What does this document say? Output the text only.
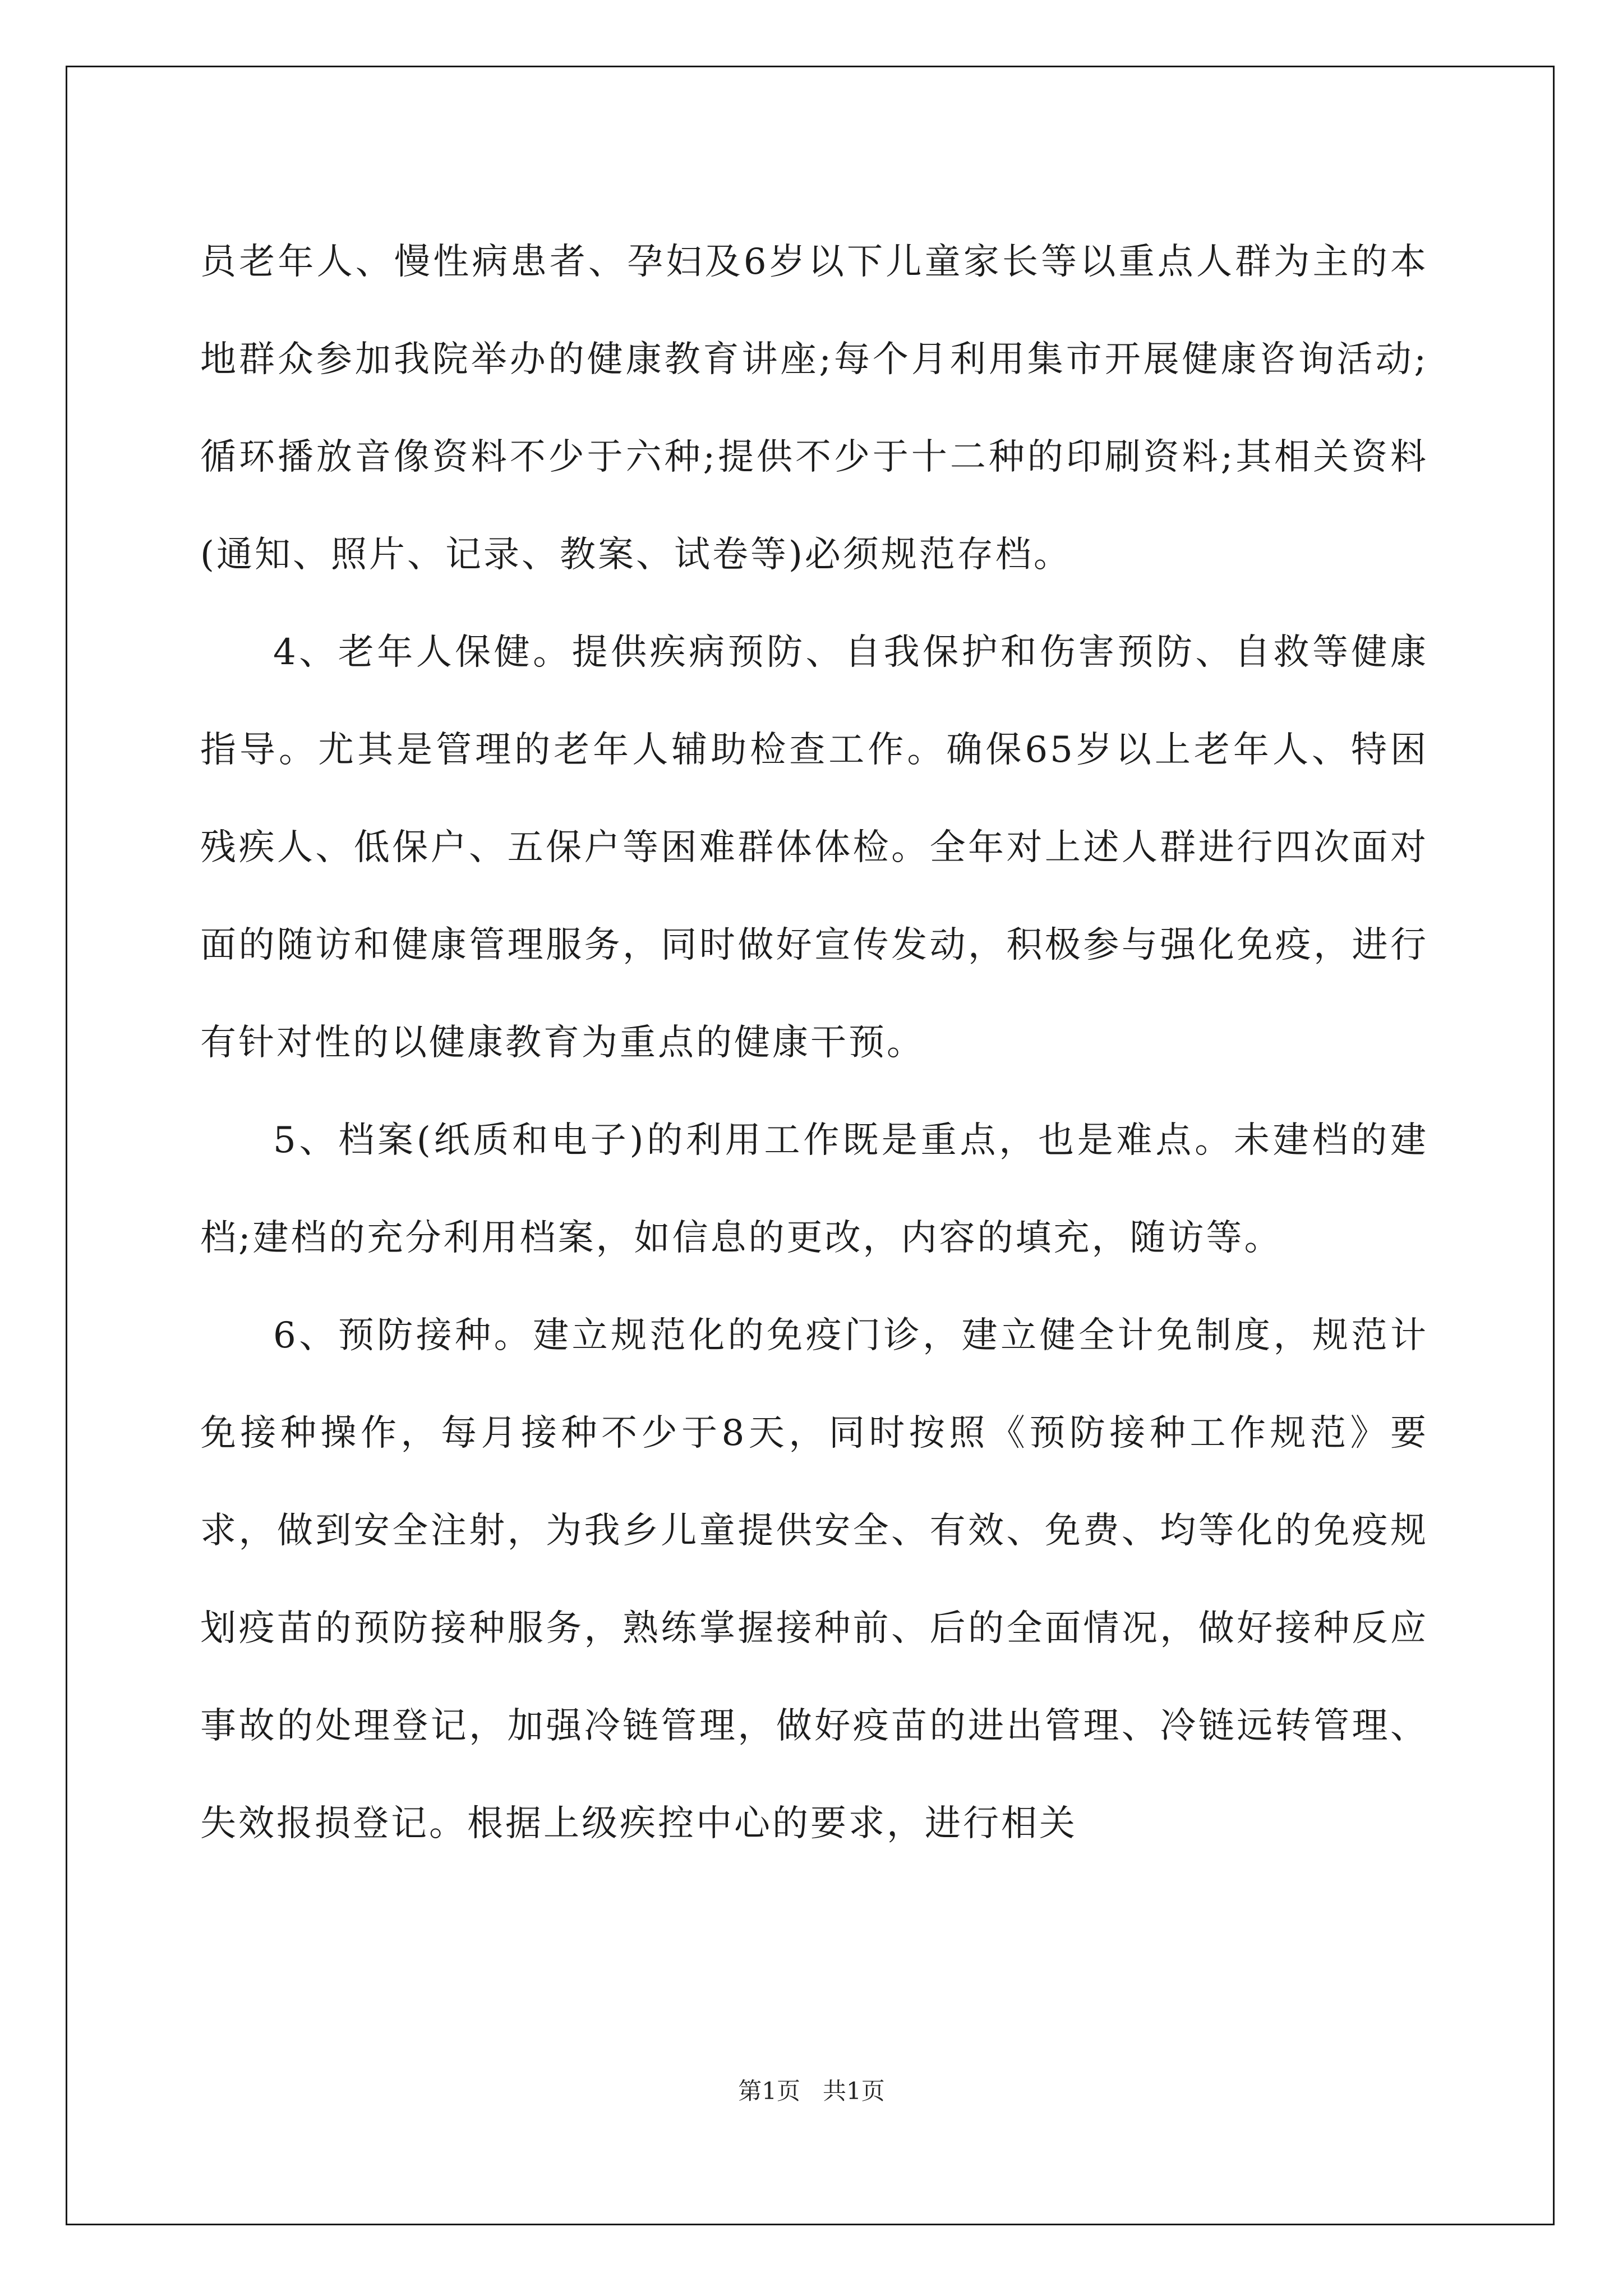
员老年人、慢性病患者、孕妇及6岁以下儿童家长等以重点人群为主的本地群众参加我院举办的健康教育讲座;每个月利用集市开展健康咨询活动;循环播放音像资料不少于六种;提供不少于十二种的印刷资料;其相关资料(通知、照片、记录、教案、试卷等)必须规范存档。

4、老年人保健。提供疾病预防、自我保护和伤害预防、自救等健康指导。尤其是管理的老年人辅助检查工作。确保65岁以上老年人、特困残疾人、低保户、五保户等困难群体体检。全年对上述人群进行四次面对面的随访和健康管理服务，同时做好宣传发动，积极参与强化免疫，进行有针对性的以健康教育为重点的健康干预。

5、档案(纸质和电子)的利用工作既是重点，也是难点。未建档的建档;建档的充分利用档案，如信息的更改，内容的填充，随访等。

6、预防接种。建立规范化的免疫门诊，建立健全计免制度，规范计免接种操作，每月接种不少于8天，同时按照《预防接种工作规范》要求，做到安全注射，为我乡儿童提供安全、有效、免费、均等化的免疫规划疫苗的预防接种服务，熟练掌握接种前、后的全面情况，做好接种反应事故的处理登记，加强冷链管理，做好疫苗的进出管理、冷链远转管理、失效报损登记。根据上级疾控中心的要求，进行相关

第1页   共1页
